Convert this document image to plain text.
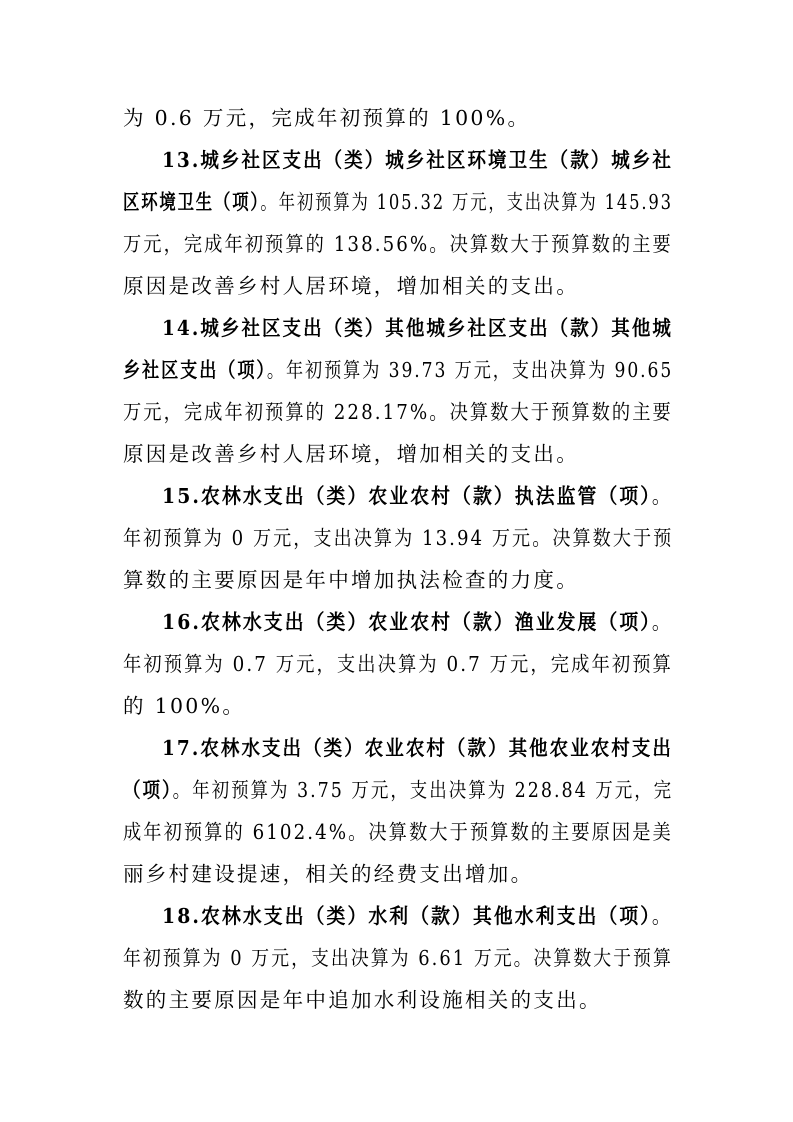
为 0.6 万元，完成年初预算的 100%。
13.城乡社区支出（类）城乡社区环境卫生（款）城乡社
区环境卫生（项）。年初预算为 105.32 万元，支出决算为 145.93
万元，完成年初预算的 138.56%。决算数大于预算数的主要
原因是改善乡村人居环境，增加相关的支出。
14.城乡社区支出（类）其他城乡社区支出（款）其他城
乡社区支出（项）。年初预算为 39.73 万元，支出决算为 90.65
万元，完成年初预算的 228.17%。决算数大于预算数的主要
原因是改善乡村人居环境，增加相关的支出。
15.农林水支出（类）农业农村（款）执法监管（项）。
年初预算为 0 万元，支出决算为 13.94 万元。决算数大于预
算数的主要原因是年中增加执法检查的力度。
16.农林水支出（类）农业农村（款）渔业发展（项）。
年初预算为 0.7 万元，支出决算为 0.7 万元，完成年初预算
的 100%。
17.农林水支出（类）农业农村（款）其他农业农村支出
（项）。年初预算为 3.75 万元，支出决算为 228.84 万元，完
成年初预算的 6102.4%。决算数大于预算数的主要原因是美
丽乡村建设提速，相关的经费支出增加。
18.农林水支出（类）水利（款）其他水利支出（项）。
年初预算为 0 万元，支出决算为 6.61 万元。决算数大于预算
数的主要原因是年中追加水利设施相关的支出。
